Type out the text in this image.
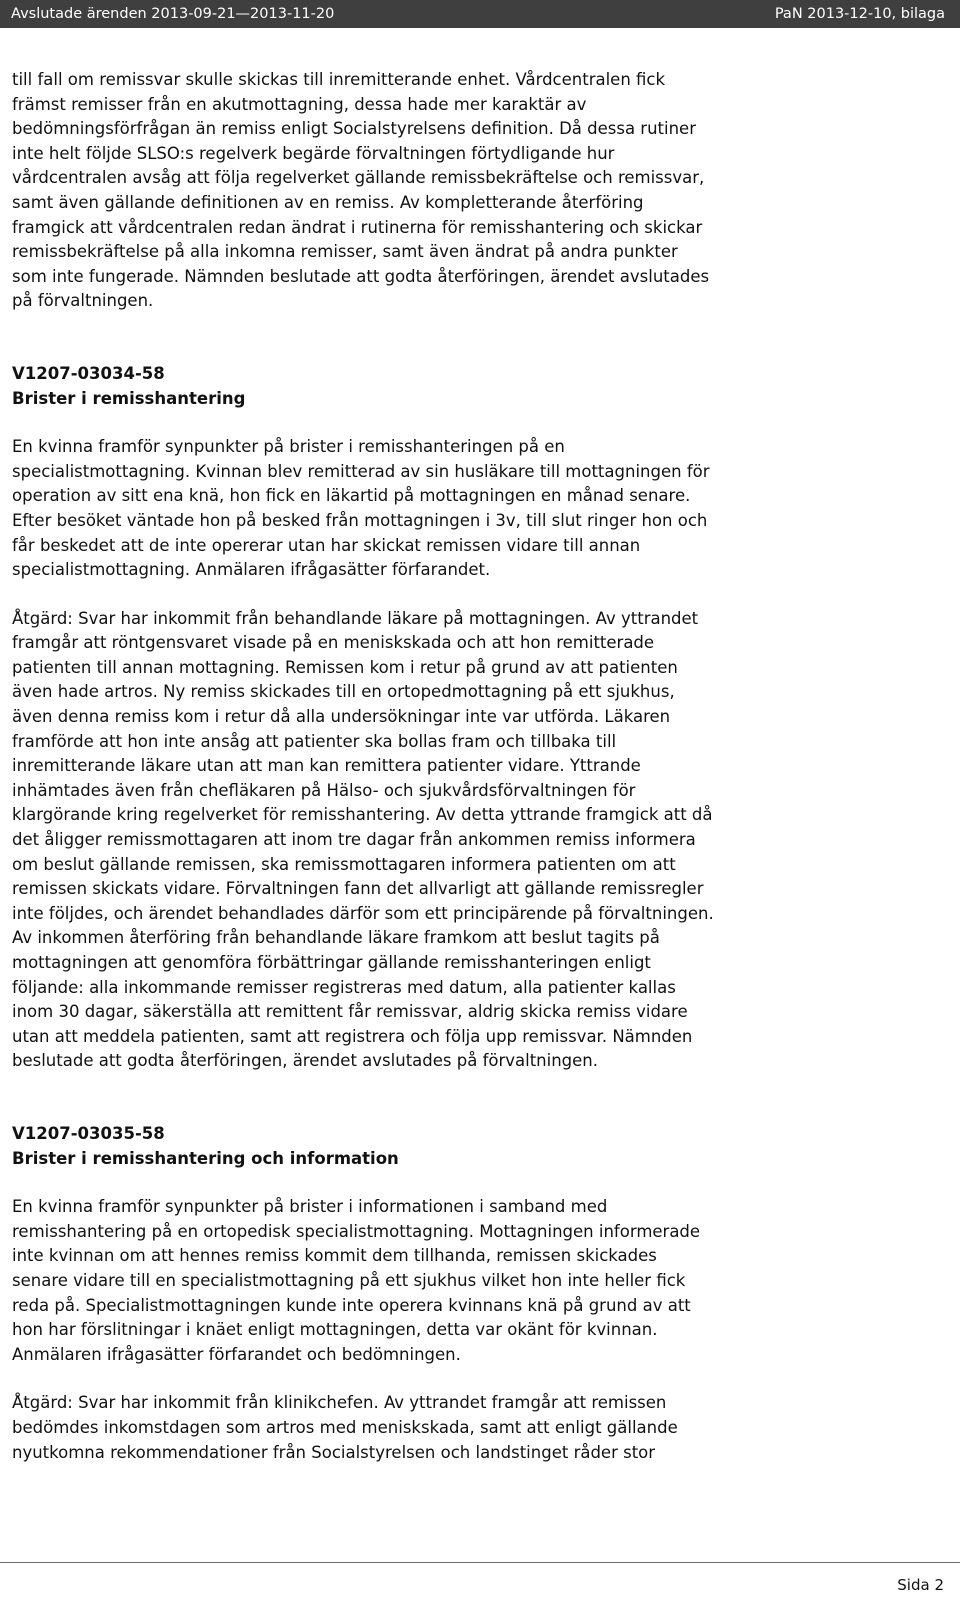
Avslutade ärenden 2013-09-21—2013-11-20	PaN 2013-12-10, bilaga

till fall om remissvar skulle skickas till inremitterande enhet. Vårdcentralen fick
främst remisser från en akutmottagning, dessa hade mer karaktär av
bedömningsförfrågan än remiss enligt Socialstyrelsens definition. Då dessa rutiner
inte helt följde SLSO:s regelverk begärde förvaltningen förtydligande hur
vårdcentralen avsåg att följa regelverket gällande remissbekräftelse och remissvar,
samt även gällande definitionen av en remiss. Av kompletterande återföring
framgick att vårdcentralen redan ändrat i rutinerna för remisshantering och skickar
remissbekräftelse på alla inkomna remisser, samt även ändrat på andra punkter
som inte fungerade. Nämnden beslutade att godta återföringen, ärendet avslutades
på förvaltningen.

V1207-03034-58

Brister i remisshantering

En kvinna framför synpunkter på brister i remisshanteringen på en
specialistmottagning. Kvinnan blev remitterad av sin husläkare till mottagningen för
operation av sitt ena knä, hon fick en läkartid på mottagningen en månad senare.
Efter besöket väntade hon på besked från mottagningen i 3v, till slut ringer hon och
får beskedet att de inte opererar utan har skickat remissen vidare till annan
specialistmottagning. Anmälaren ifrågasätter förfarandet.

Åtgärd: Svar har inkommit från behandlande läkare på mottagningen. Av yttrandet
framgår att röntgensvaret visade på en meniskskada och att hon remitterade
patienten till annan mottagning. Remissen kom i retur på grund av att patienten
även hade artros. Ny remiss skickades till en ortopedmottagning på ett sjukhus,
även denna remiss kom i retur då alla undersökningar inte var utförda. Läkaren
framförde att hon inte ansåg att patienter ska bollas fram och tillbaka till
inremitterande läkare utan att man kan remittera patienter vidare. Yttrande
inhämtades även från chefläkaren på Hälso- och sjukvårdsförvaltningen för
klargörande kring regelverket för remisshantering. Av detta yttrande framgick att då
det åligger remissmottagaren att inom tre dagar från ankommen remiss informera
om beslut gällande remissen, ska remissmottagaren informera patienten om att
remissen skickats vidare. Förvaltningen fann det allvarligt att gällande remissregler
inte följdes, och ärendet behandlades därför som ett principärende på förvaltningen.
Av inkommen återföring från behandlande läkare framkom att beslut tagits på
mottagningen att genomföra förbättringar gällande remisshanteringen enligt
följande: alla inkommande remisser registreras med datum, alla patienter kallas
inom 30 dagar, säkerställa att remittent får remissvar, aldrig skicka remiss vidare
utan att meddela patienten, samt att registrera och följa upp remissvar. Nämnden
beslutade att godta återföringen, ärendet avslutades på förvaltningen.

V1207-03035-58

Brister i remisshantering och information

En kvinna framför synpunkter på brister i informationen i samband med
remisshantering på en ortopedisk specialistmottagning. Mottagningen informerade
inte kvinnan om att hennes remiss kommit dem tillhanda, remissen skickades
senare vidare till en specialistmottagning på ett sjukhus vilket hon inte heller fick
reda på. Specialistmottagningen kunde inte operera kvinnans knä på grund av att
hon har förslitningar i knäet enligt mottagningen, detta var okänt för kvinnan.
Anmälaren ifrågasätter förfarandet och bedömningen.

Åtgärd: Svar har inkommit från klinikchefen. Av yttrandet framgår att remissen
bedömdes inkomstdagen som artros med meniskskada, samt att enligt gällande
nyutkomna rekommendationer från Socialstyrelsen och landstinget råder stor

Sida 2
